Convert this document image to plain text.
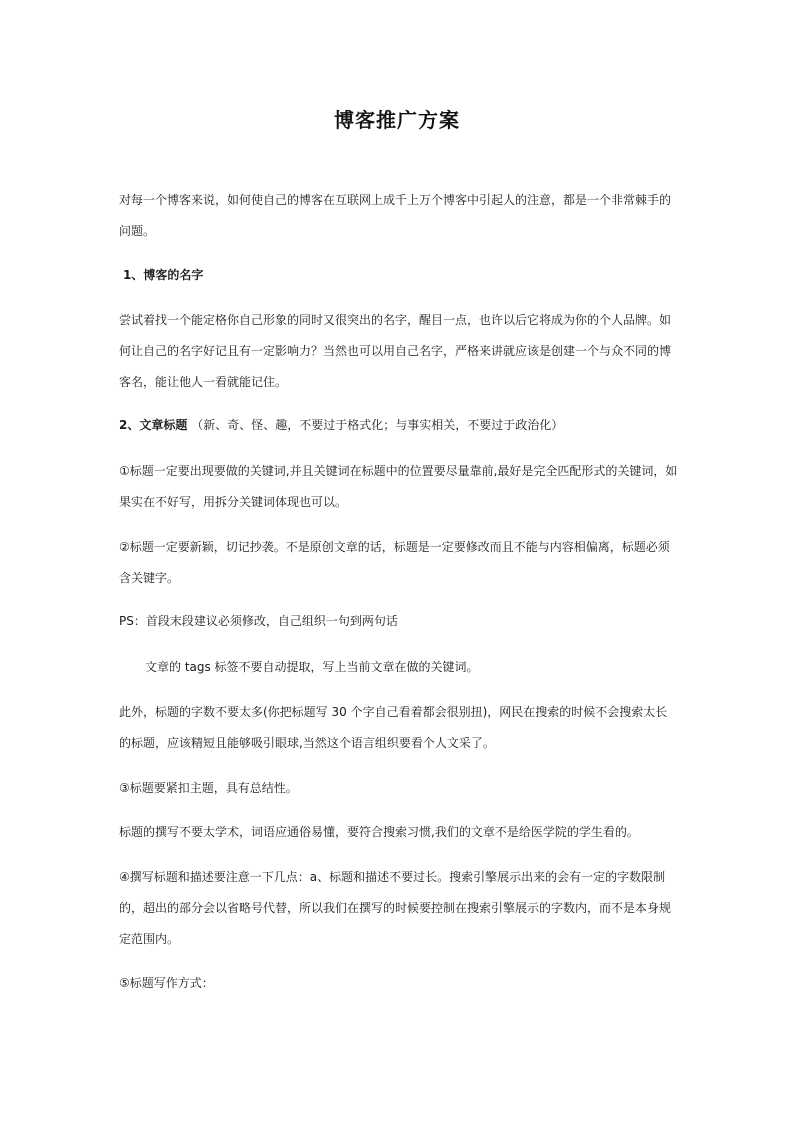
博客推广方案
对每一个博客来说，如何使自己的博客在互联网上成千上万个博客中引起人的注意，都是一个非常棘手的问题。
1、博客的名字
尝试着找一个能定格你自己形象的同时又很突出的名字，醒目一点，也许以后它将成为你的个人品牌。如何让自己的名字好记且有一定影响力？当然也可以用自己名字，严格来讲就应该是创建一个与众不同的博客名，能让他人一看就能记住。
2、文章标题 （新、奇、怪、趣，不要过于格式化；与事实相关，不要过于政治化）
①标题一定要出现要做的关键词,并且关键词在标题中的位置要尽量靠前,最好是完全匹配形式的关键词，如果实在不好写，用拆分关键词体现也可以。
②标题一定要新颖，切记抄袭。不是原创文章的话，标题是一定要修改而且不能与内容相偏离，标题必须含关键字。
PS：首段末段建议必须修改，自己组织一句到两句话
文章的 tags 标签不要自动提取，写上当前文章在做的关键词。
此外，标题的字数不要太多(你把标题写 30 个字自己看着都会很别扭)，网民在搜索的时候不会搜索太长的标题，应该精短且能够吸引眼球,当然这个语言组织要看个人文采了。
③标题要紧扣主题，具有总结性。
标题的撰写不要太学术，词语应通俗易懂，要符合搜索习惯,我们的文章不是给医学院的学生看的。
④撰写标题和描述要注意一下几点：a、标题和描述不要过长。搜索引擎展示出来的会有一定的字数限制的，超出的部分会以省略号代替，所以我们在撰写的时候要控制在搜索引擎展示的字数内，而不是本身规定范围内。
⑤标题写作方式：
